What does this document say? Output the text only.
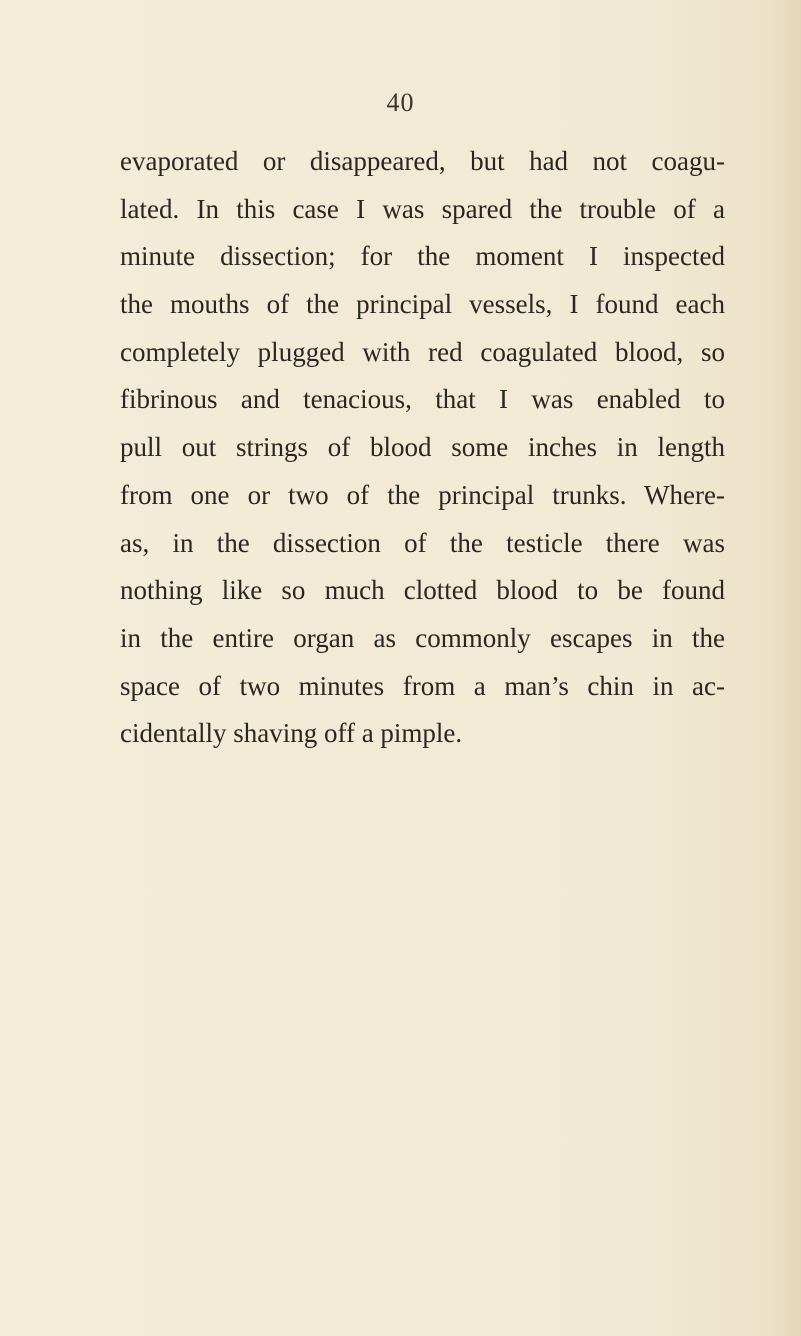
40
evaporated or disappeared, but had not coagu-
lated. In this case I was spared the trouble of a
minute dissection; for the moment I inspected
the mouths of the principal vessels, I found each
completely plugged with red coagulated blood, so
fibrinous and tenacious, that I was enabled to
pull out strings of blood some inches in length
from one or two of the principal trunks. Where-
as, in the dissection of the testicle there was
nothing like so much clotted blood to be found
in the entire organ as commonly escapes in the
space of two minutes from a man’s chin in ac-
cidentally shaving off a pimple.
